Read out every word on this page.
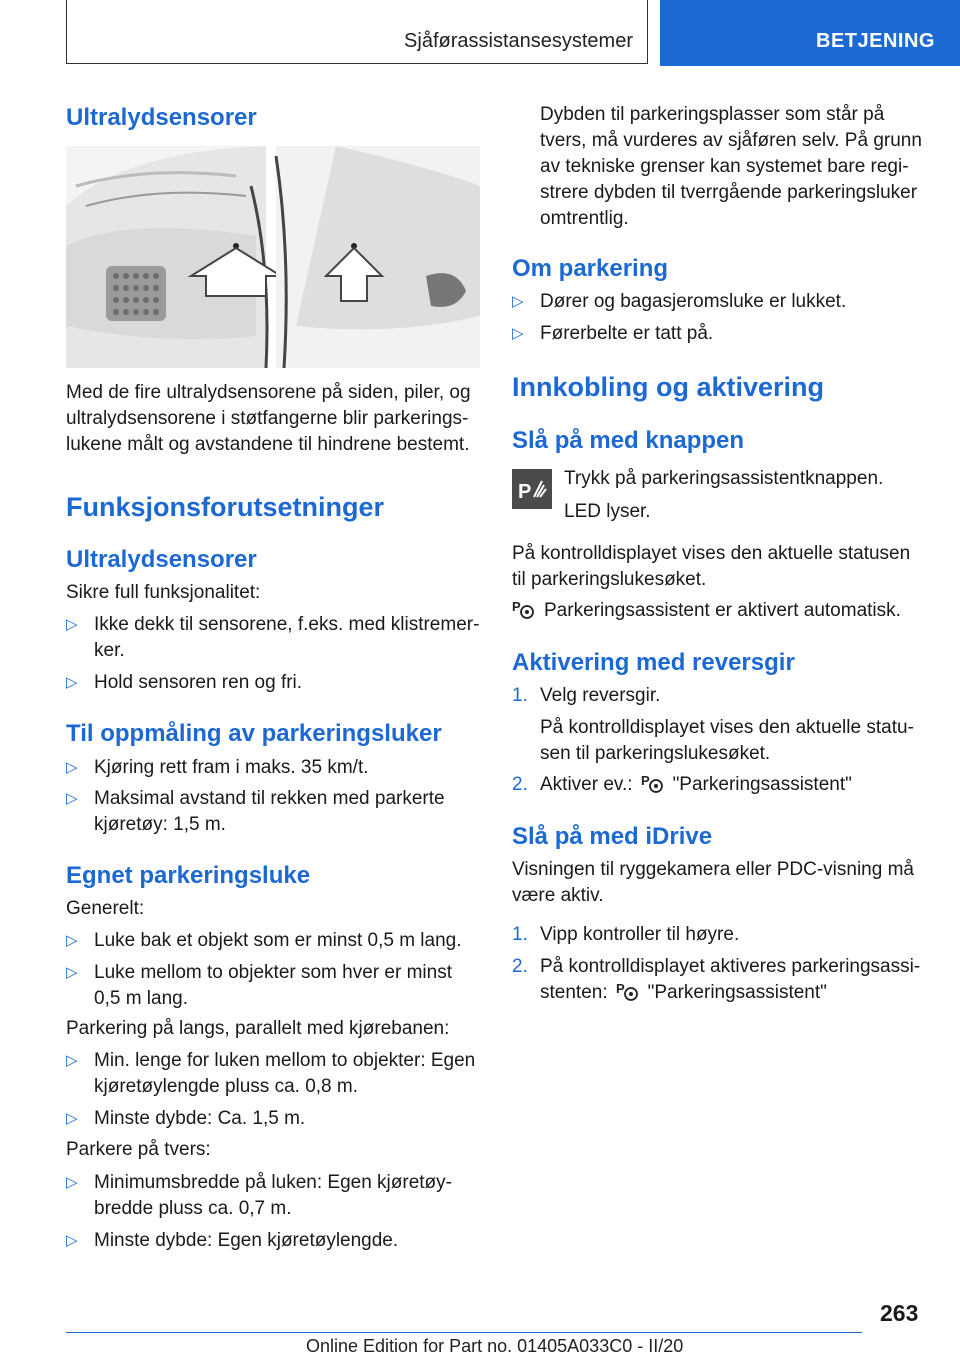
Sjåførassistansesystemer	BETJENING
Ultralydsensorer
Med de fire ultralydsensorene på siden, piler, og ultralydsensorene i støtfangerne blir parkerings-lukene målt og avstandene til hindrene bestemt.
Funksjonsforutsetninger
Ultralydsensorer
Sikre full funksjonalitet:
▷ Ikke dekk til sensorene, f.eks. med klistremer-ker.
▷ Hold sensoren ren og fri.
Til oppmåling av parkeringsluker
▷ Kjøring rett fram i maks. 35 km/t.
▷ Maksimal avstand til rekken med parkerte kjøretøy: 1,5 m.
Egnet parkeringsluke
Generelt:
▷ Luke bak et objekt som er minst 0,5 m lang.
▷ Luke mellom to objekter som hver er minst 0,5 m lang.
Parkering på langs, parallelt med kjørebanen:
▷ Min. lenge for luken mellom to objekter: Egen kjøretøylengde pluss ca. 0,8 m.
▷ Minste dybde: Ca. 1,5 m.
Parkere på tvers:
▷ Minimumsbredde på luken: Egen kjøretøy-bredde pluss ca. 0,7 m.
▷ Minste dybde: Egen kjøretøylengde.
Dybden til parkeringsplasser som står på tvers, må vurderes av sjåføren selv. På grunn av tekniske grenser kan systemet bare regi-strere dybden til tverrgående parkeringsluker omtrentlig.
Om parkering
▷ Dører og bagasjeromsluke er lukket.
▷ Førerbelte er tatt på.
Innkobling og aktivering
Slå på med knappen
P
Trykk på parkeringsassistentknappen.
LED lyser.
På kontrolldisplayet vises den aktuelle statusen til parkeringslukesøket.
P Parkeringsassistent er aktivert automatisk.
Aktivering med reversgir
1. Velg reversgir.
På kontrolldisplayet vises den aktuelle statu-sen til parkeringslukesøket.
2. Aktiver ev.: P "Parkeringsassistent"
Slå på med iDrive
Visningen til ryggekamera eller PDC-visning må være aktiv.
1. Vipp kontroller til høyre.
2. På kontrolldisplayet aktiveres parkeringsassi-stenten: P "Parkeringsassistent"
263
Online Edition for Part no. 01405A033C0 - II/20
